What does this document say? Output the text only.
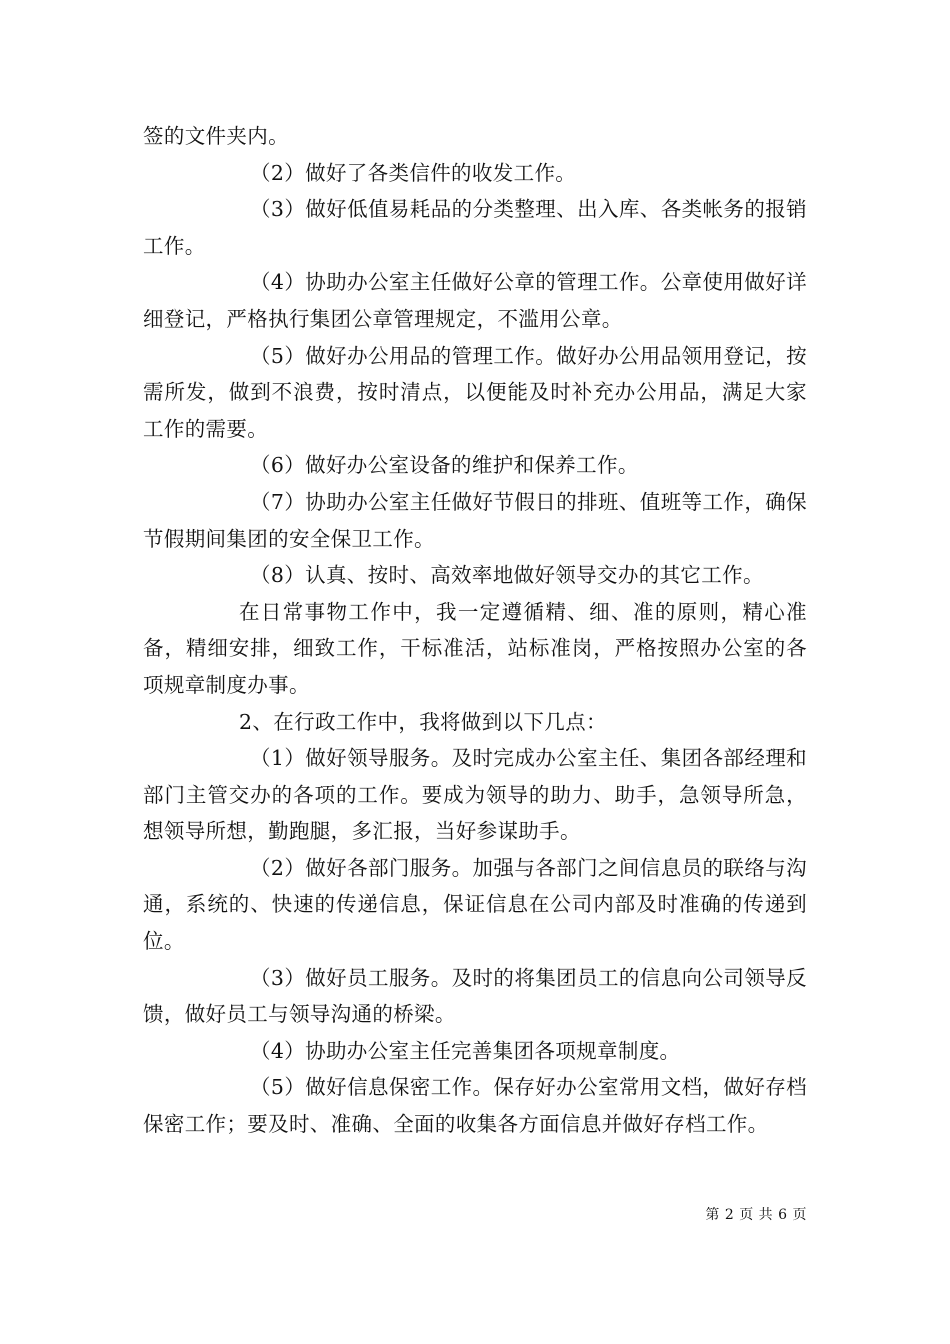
签的文件夹内。

（2）做好了各类信件的收发工作。

（3）做好低值易耗品的分类整理、出入库、各类帐务的报销工作。

（4）协助办公室主任做好公章的管理工作。公章使用做好详细登记，严格执行集团公章管理规定，不滥用公章。

（5）做好办公用品的管理工作。做好办公用品领用登记，按需所发，做到不浪费，按时清点，以便能及时补充办公用品，满足大家工作的需要。

（6）做好办公室设备的维护和保养工作。

（7）协助办公室主任做好节假日的排班、值班等工作，确保节假期间集团的安全保卫工作。

（8）认真、按时、高效率地做好领导交办的其它工作。

在日常事物工作中，我一定遵循精、细、准的原则，精心准备，精细安排，细致工作，干标准活，站标准岗，严格按照办公室的各项规章制度办事。

2、在行政工作中，我将做到以下几点：

（1）做好领导服务。及时完成办公室主任、集团各部经理和部门主管交办的各项的工作。要成为领导的助力、助手，急领导所急，想领导所想，勤跑腿，多汇报，当好参谋助手。

（2）做好各部门服务。加强与各部门之间信息员的联络与沟通，系统的、快速的传递信息，保证信息在公司内部及时准确的传递到位。

（3）做好员工服务。及时的将集团员工的信息向公司领导反馈，做好员工与领导沟通的桥梁。

（4）协助办公室主任完善集团各项规章制度。

（5）做好信息保密工作。保存好办公室常用文档，做好存档保密工作；要及时、准确、全面的收集各方面信息并做好存档工作。

第 2 页 共 6 页
